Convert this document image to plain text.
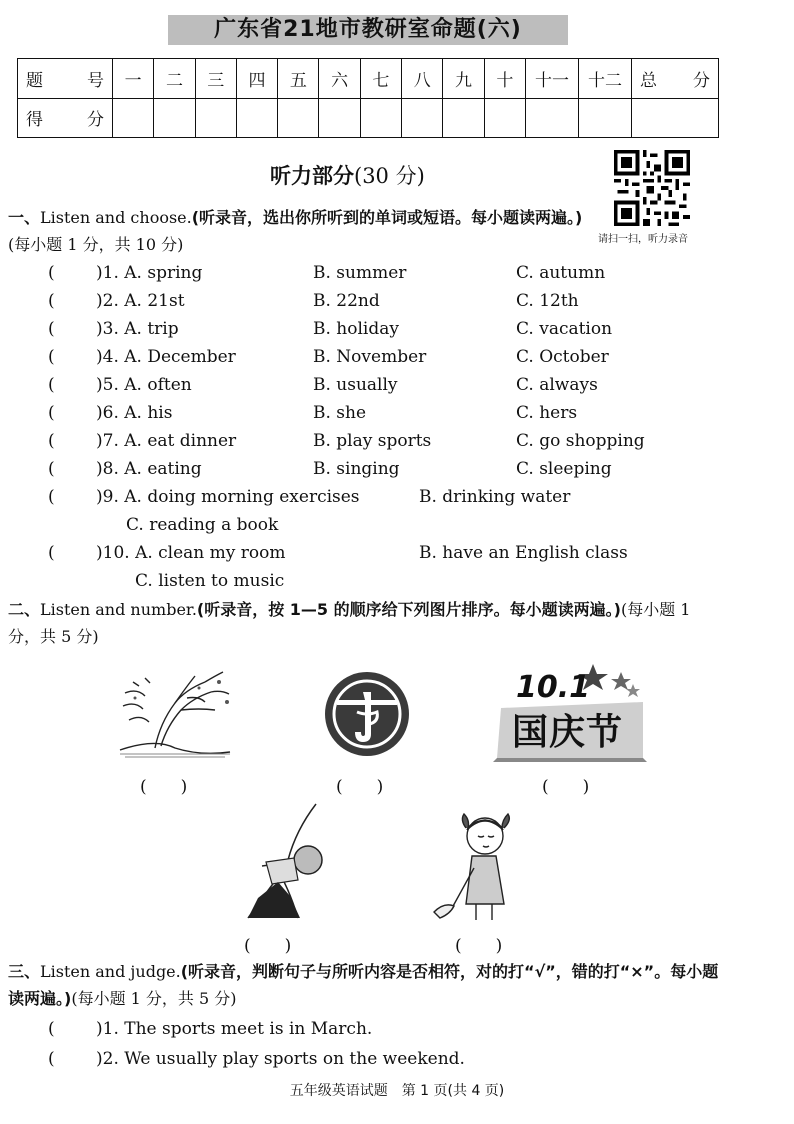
广东省21地市教研室命题(六)
题　号	一	二	三	四	五	六	七	八	九	十	十一	十二	总　分
得　分													
听力部分(30 分)
请扫一扫，听力录音
一、Listen and choose.(听录音，选出你所听到的单词或短语。每小题读两遍。)(每小题 1 分，共 10 分)
( )1. A. spring	B. summer	C. autumn
( )2. A. 21st	B. 22nd	C. 12th
( )3. A. trip	B. holiday	C. vacation
( )4. A. December	B. November	C. October
( )5. A. often	B. usually	C. always
( )6. A. his	B. she	C. hers
( )7. A. eat dinner	B. play sports	C. go shopping
( )8. A. eating	B. singing	C. sleeping
( )9. A. doing morning exercises	B. drinking water
C. reading a book
( )10. A. clean my room	B. have an English class
C. listen to music
二、Listen and number.(听录音，按 1—5 的顺序给下列图片排序。每小题读两遍。)(每小题 1 分，共 5 分)
10.1
国庆节
(　　)	(　　)	(　　)
(　　)	(　　)
三、Listen and judge.(听录音，判断句子与所听内容是否相符，对的打“√”，错的打“×”。每小题读两遍。)(每小题 1 分，共 5 分)
( )1. The sports meet is in March.
( )2. We usually play sports on the weekend.
五年级英语试题　第 1 页(共 4 页)
